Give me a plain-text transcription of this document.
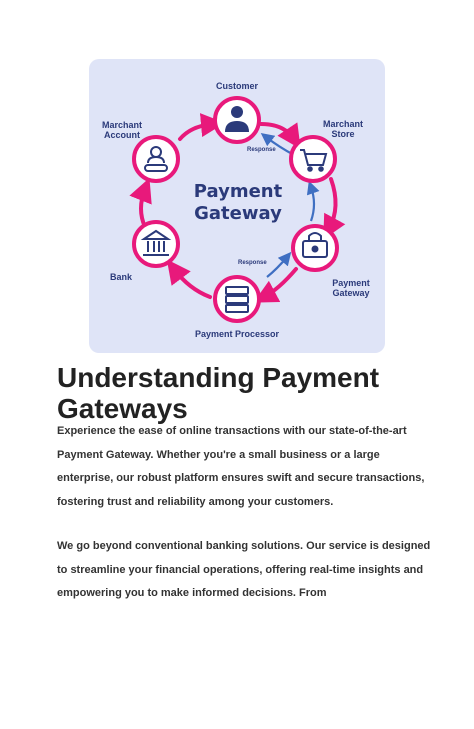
Payment
Gateway
Customer
Marchant
Store
Payment
Gateway
Payment Processor
Bank
Marchant
Account
Response
Response
Understanding Payment Gateways

Experience the ease of online transactions with our state-of-the-art Payment Gateway. Whether you're a small business or a large enterprise, our robust platform ensures swift and secure transactions, fostering trust and reliability among your customers.

We go beyond conventional banking solutions. Our service is designed to streamline your financial operations, offering real-time insights and empowering you to make informed decisions. From
